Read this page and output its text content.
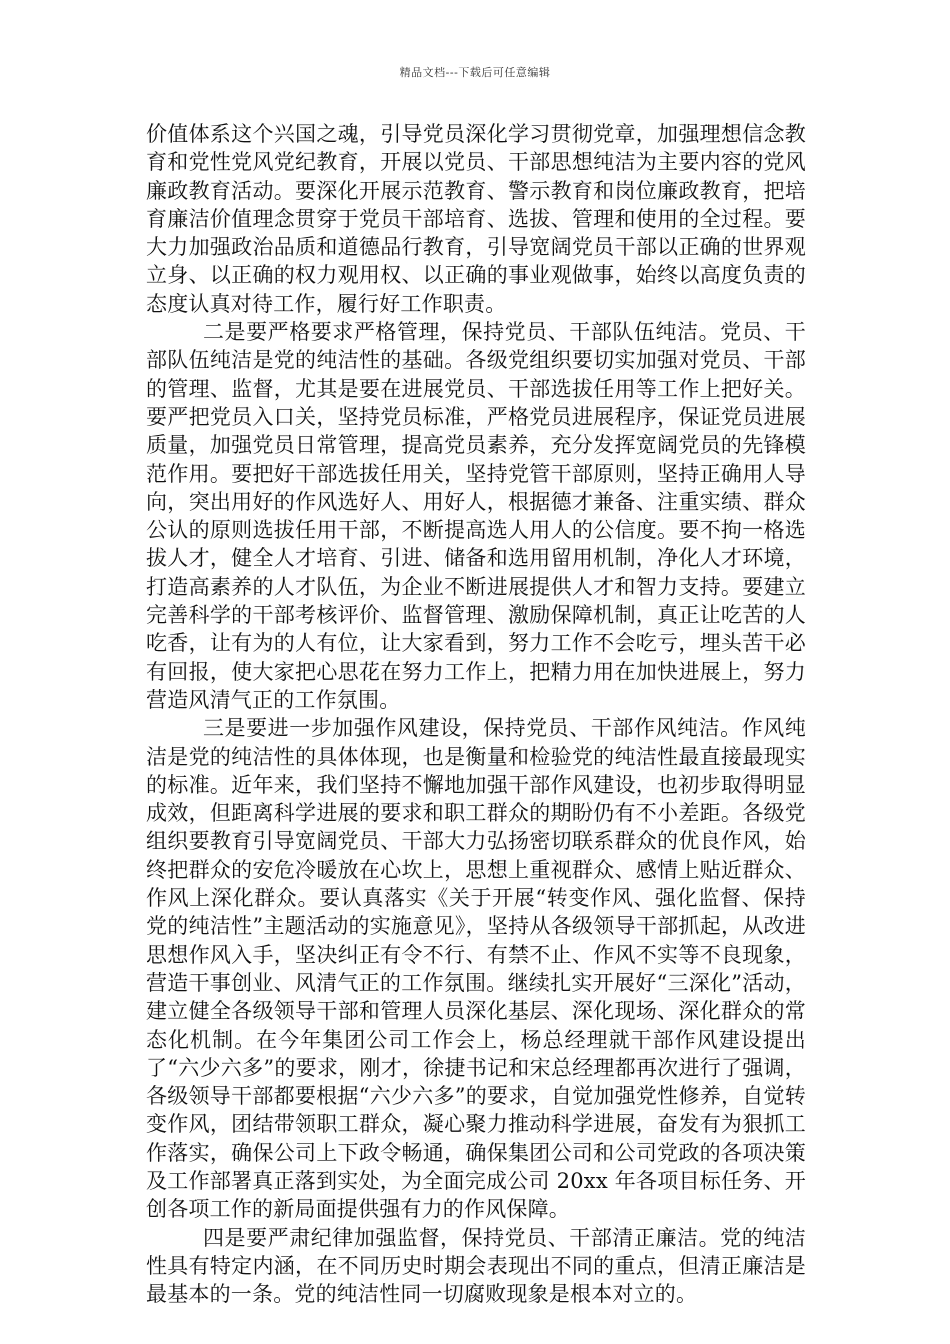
精品文档---下载后可任意编辑

价值体系这个兴国之魂，引导党员深化学习贯彻党章，加强理想信念教育和党性党风党纪教育，开展以党员、干部思想纯洁为主要内容的党风廉政教育活动。要深化开展示范教育、警示教育和岗位廉政教育，把培育廉洁价值理念贯穿于党员干部培育、选拔、管理和使用的全过程。要大力加强政治品质和道德品行教育，引导宽阔党员干部以正确的世界观立身、以正确的权力观用权、以正确的事业观做事，始终以高度负责的态度认真对待工作，履行好工作职责。

二是要严格要求严格管理，保持党员、干部队伍纯洁。党员、干部队伍纯洁是党的纯洁性的基础。各级党组织要切实加强对党员、干部的管理、监督，尤其是要在进展党员、干部选拔任用等工作上把好关。要严把党员入口关，坚持党员标准，严格党员进展程序，保证党员进展质量，加强党员日常管理，提高党员素养，充分发挥宽阔党员的先锋模范作用。要把好干部选拔任用关，坚持党管干部原则，坚持正确用人导向，突出用好的作风选好人、用好人，根据德才兼备、注重实绩、群众公认的原则选拔任用干部，不断提高选人用人的公信度。要不拘一格选拔人才，健全人才培育、引进、储备和选用留用机制，净化人才环境，打造高素养的人才队伍，为企业不断进展提供人才和智力支持。要建立完善科学的干部考核评价、监督管理、激励保障机制，真正让吃苦的人吃香，让有为的人有位，让大家看到，努力工作不会吃亏，埋头苦干必有回报，使大家把心思花在努力工作上，把精力用在加快进展上，努力营造风清气正的工作氛围。

三是要进一步加强作风建设，保持党员、干部作风纯洁。作风纯洁是党的纯洁性的具体体现，也是衡量和检验党的纯洁性最直接最现实的标准。近年来，我们坚持不懈地加强干部作风建设，也初步取得明显成效，但距离科学进展的要求和职工群众的期盼仍有不小差距。各级党组织要教育引导宽阔党员、干部大力弘扬密切联系群众的优良作风，始终把群众的安危冷暖放在心坎上，思想上重视群众、感情上贴近群众、作风上深化群众。要认真落实《关于开展“转变作风、强化监督、保持党的纯洁性”主题活动的实施意见》，坚持从各级领导干部抓起，从改进思想作风入手，坚决纠正有令不行、有禁不止、作风不实等不良现象，营造干事创业、风清气正的工作氛围。继续扎实开展好“三深化”活动，建立健全各级领导干部和管理人员深化基层、深化现场、深化群众的常态化机制。在今年集团公司工作会上，杨总经理就干部作风建设提出了“六少六多”的要求，刚才，徐捷书记和宋总经理都再次进行了强调，各级领导干部都要根据“六少六多”的要求，自觉加强党性修养，自觉转变作风，团结带领职工群众，凝心聚力推动科学进展，奋发有为狠抓工作落实，确保公司上下政令畅通，确保集团公司和公司党政的各项决策及工作部署真正落到实处，为全面完成公司 20xx 年各项目标任务、开创各项工作的新局面提供强有力的作风保障。

四是要严肃纪律加强监督，保持党员、干部清正廉洁。党的纯洁性具有特定内涵，在不同历史时期会表现出不同的重点，但清正廉洁是最基本的一条。党的纯洁性同一切腐败现象是根本对立的。
